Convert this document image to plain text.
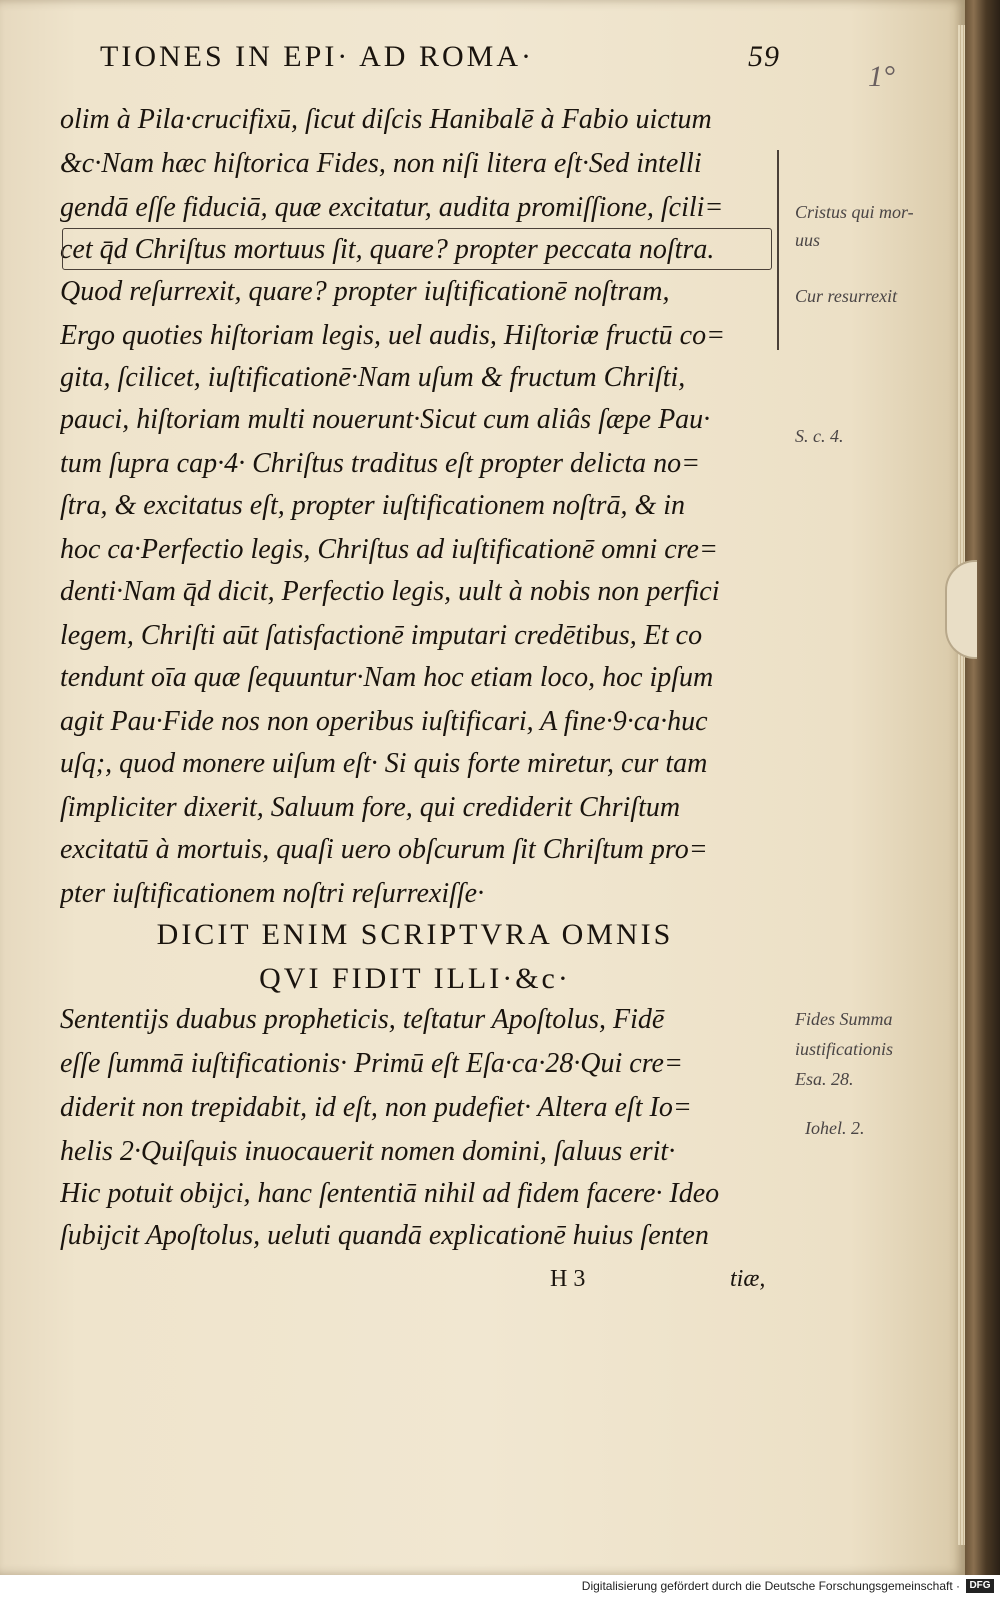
TIONES IN EPI· AD ROMA·	59
1°
olim à Pila·crucifixū, ſicut diſcis Hanibalē à Fabio uictum
&c·Nam hæc hiſtorica Fides, non niſi litera eſt·Sed intelli
gendā eſſe fiduciā, quæ excitatur, audita promiſſione, ſcili=
cet q̄d Chriſtus mortuus ſit, quare? propter peccata noſtra.
Quod reſurrexit, quare? propter iuſtificationē noſtram,
Ergo quoties hiſtoriam legis, uel audis, Hiſtoriæ fructū co=
gita, ſcilicet, iuſtificationē·Nam uſum & fructum Chriſti,
pauci, hiſtoriam multi nouerunt·Sicut cum aliâs ſæpe Pau·
tum ſupra cap·4· Chriſtus traditus eſt propter delicta no=
ſtra, & excitatus eſt, propter iuſtificationem noſtrā, & in
hoc ca·Perfectio legis, Chriſtus ad iuſtificationē omni cre=
denti·Nam q̄d dicit, Perfectio legis, uult à nobis non perfici
legem, Chriſti aūt ſatisfactionē imputari credētibus, Et co
tendunt oīa quæ ſequuntur·Nam hoc etiam loco, hoc ipſum
agit Pau·Fide nos non operibus iuſtificari, A fine·9·ca·huc
uſq;, quod monere uiſum eſt· Si quis forte miretur, cur tam
ſimpliciter dixerit, Saluum fore, qui crediderit Chriſtum
excitatū à mortuis, quaſi uero obſcurum ſit Chriſtum pro=
pter iuſtificationem noſtri reſurrexiſſe·
DICIT ENIM SCRIPTVRA OMNIS
QVI FIDIT ILLI·&c·
Sententijs duabus propheticis, teſtatur Apoſtolus, Fidē
eſſe ſummā iuſtificationis· Primū eſt Eſa·ca·28·Qui cre=
diderit non trepidabit, id eſt, non pudefiet· Altera eſt Io=
helis 2·Quiſquis inuocauerit nomen domini, ſaluus erit·
Hic potuit obijci, hanc ſententiā nihil ad fidem facere· Ideo
ſubijcit Apoſtolus, ueluti quandā explicationē huius ſenten
H 3	tiæ,
Cristus qui mor-
uus
Cur resurrexit
S. c. 4.
Fides Summa
iustificationis
Esa. 28.
Iohel. 2.
Digitalisierung gefördert durch die Deutsche Forschungsgemeinschaft · DFG
